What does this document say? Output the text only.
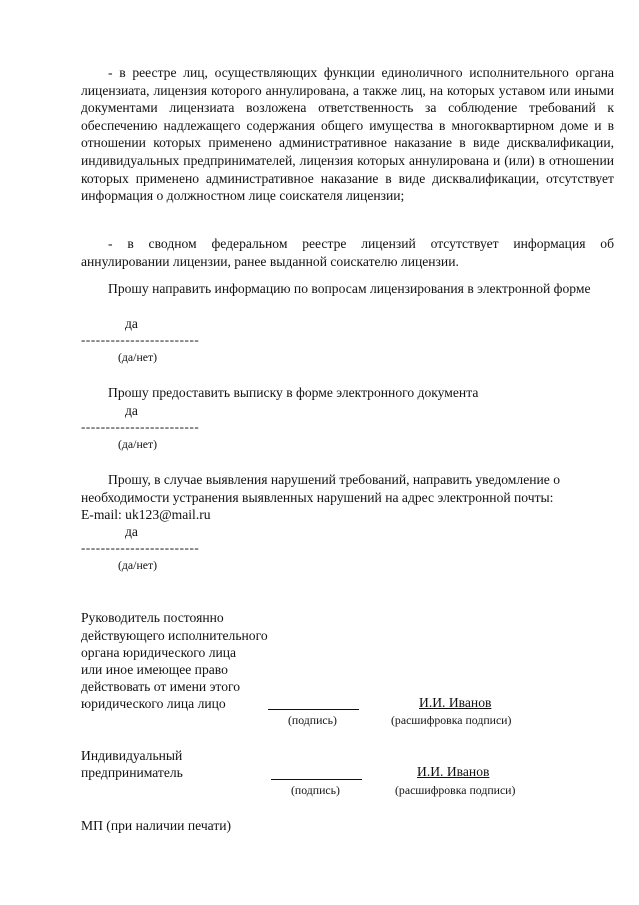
- в реестре лиц, осуществляющих функции единоличного исполнительного органа лицензиата, лицензия которого аннулирована, а также лиц, на которых уставом или иными документами лицензиата возложена ответственность за соблюдение требований к обеспечению надлежащего содержания общего имущества в многоквартирном доме и в отношении которых применено административное наказание в виде дисквалификации, индивидуальных предпринимателей, лицензия которых аннулирована и (или) в отношении которых применено административное наказание в виде дисквалификации, отсутствует информация о должностном лице соискателя лицензии;

- в сводном федеральном реестре лицензий отсутствует информация об аннулировании лицензии, ранее выданной соискателю лицензии.

Прошу направить информацию по вопросам лицензирования в электронной форме

да
------------------------
(да/нет)

Прошу предоставить выписку в форме электронного документа

да
------------------------
(да/нет)

Прошу, в случае выявления нарушений требований, направить уведомление о необходимости устранения выявленных нарушений на адрес электронной почты:

E-mail: uk123@mail.ru
да
------------------------
(да/нет)
Руководитель постоянно
действующего исполнительного
органа юридического лица
или иное имеющее право
действовать от имени этого
юридического лица лицо	И.И. Иванов
(подпись)	(расшифровка подписи)
Индивидуальный
предприниматель	И.И. Иванов
(подпись)	(расшифровка подписи)
МП (при наличии печати)
